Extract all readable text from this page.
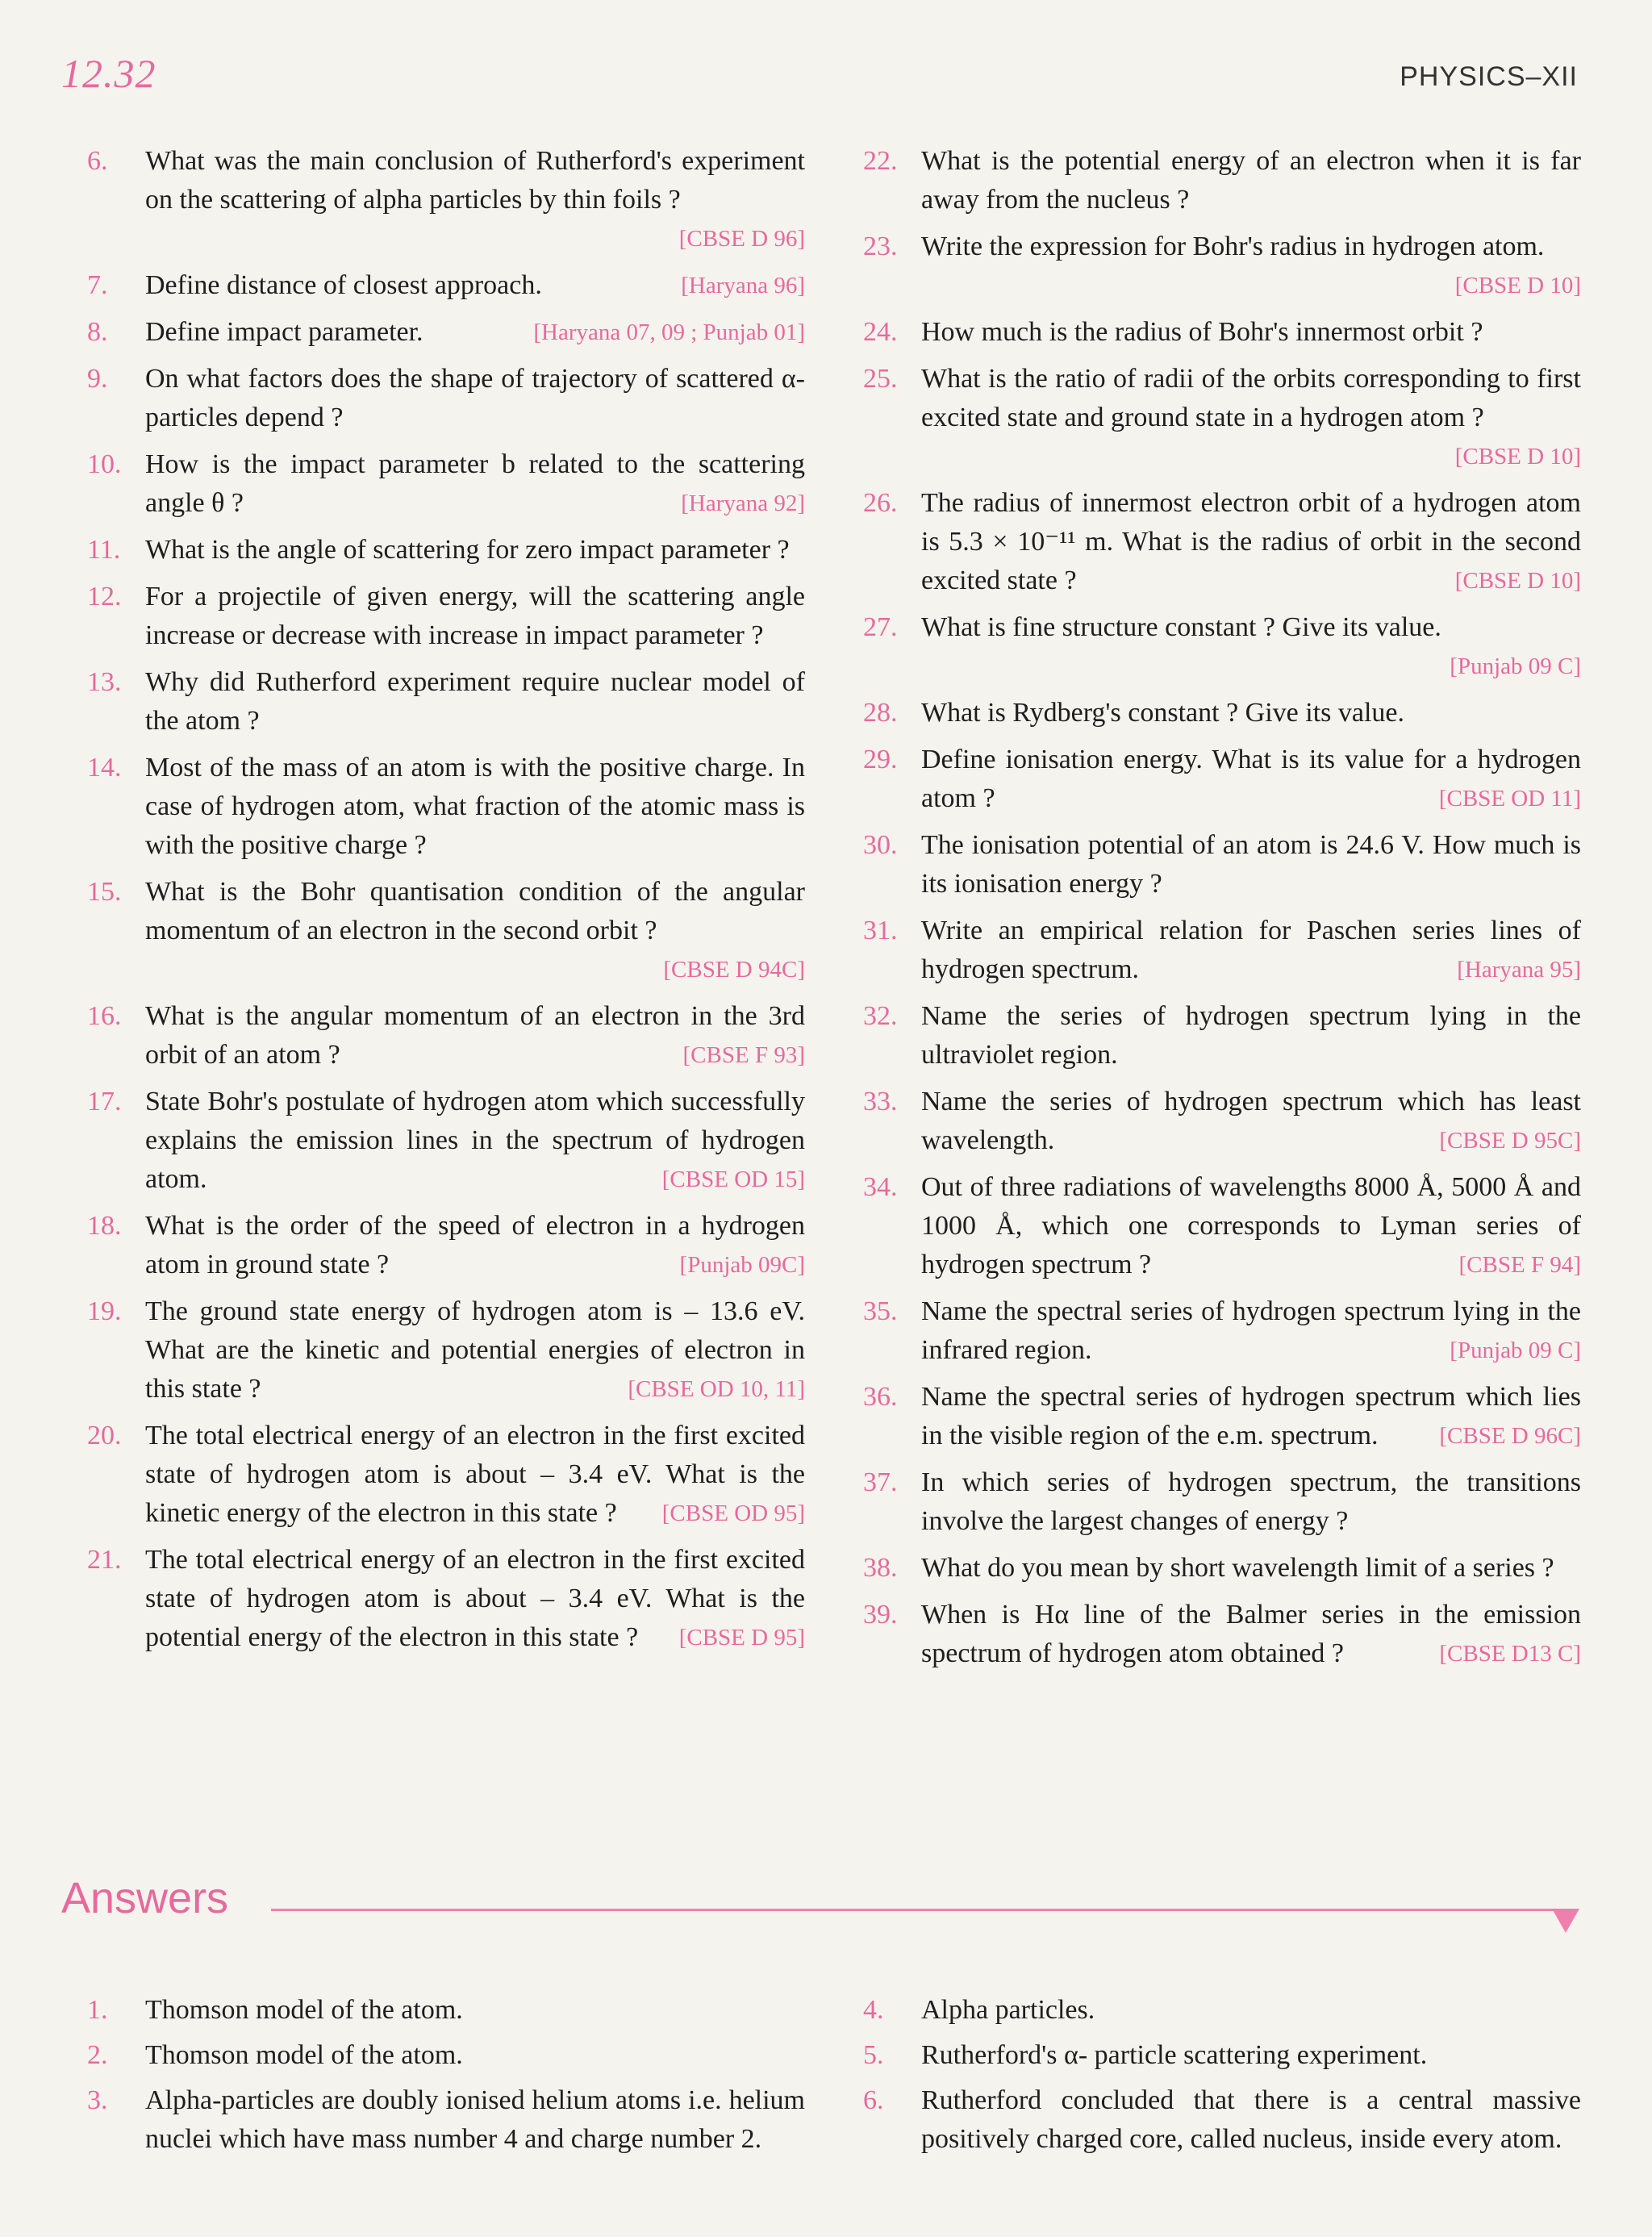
12.32	PHYSICS–XII
6.	What was the main conclusion of Rutherford's experiment on the scattering of alpha particles by thin foils ?
[CBSE D 96]
7.	Define distance of closest approach.	[Haryana 96]
8.	Define impact parameter.	[Haryana 07, 09 ; Punjab 01]
9.	On what factors does the shape of trajectory of scattered α-particles depend ?
10. How is the impact parameter b related to the scattering angle θ ?	[Haryana 92]
11. What is the angle of scattering for zero impact parameter ?
12. For a projectile of given energy, will the scattering angle increase or decrease with increase in impact parameter ?
13. Why did Rutherford experiment require nuclear model of the atom ?
14. Most of the mass of an atom is with the positive charge. In case of hydrogen atom, what fraction of the atomic mass is with the positive charge ?
15. What is the Bohr quantisation condition of the angular momentum of an electron in the second orbit ?
[CBSE D 94C]
16. What is the angular momentum of an electron in the 3rd orbit of an atom ?	[CBSE F 93]
17. State Bohr's postulate of hydrogen atom which successfully explains the emission lines in the spectrum of hydrogen atom.	[CBSE OD 15]
18. What is the order of the speed of electron in a hydrogen atom in ground state ?	[Punjab 09C]
19. The ground state energy of hydrogen atom is – 13.6 eV. What are the kinetic and potential energies of electron in this state ?	[CBSE OD 10, 11]
20. The total electrical energy of an electron in the first excited state of hydrogen atom is about – 3.4 eV. What is the kinetic energy of the electron in this state ? [CBSE OD 95]
21. The total electrical energy of an electron in the first excited state of hydrogen atom is about – 3.4 eV. What is the potential energy of the electron in this state ? [CBSE D 95]
22. What is the potential energy of an electron when it is far away from the nucleus ?
23. Write the expression for Bohr's radius in hydrogen atom.
[CBSE D 10]
24. How much is the radius of Bohr's innermost orbit ?
25. What is the ratio of radii of the orbits corresponding to first excited state and ground state in a hydrogen atom ?
[CBSE D 10]
26. The radius of innermost electron orbit of a hydrogen atom is 5.3 × 10⁻¹¹ m. What is the radius of orbit in the second excited state ?	[CBSE D 10]
27. What is fine structure constant ? Give its value.
[Punjab 09 C]
28. What is Rydberg's constant ? Give its value.
29. Define ionisation energy. What is its value for a hydrogen atom ?	[CBSE OD 11]
30. The ionisation potential of an atom is 24.6 V. How much is its ionisation energy ?
31. Write an empirical relation for Paschen series lines of hydrogen spectrum.	[Haryana 95]
32. Name the series of hydrogen spectrum lying in the ultraviolet region.
33. Name the series of hydrogen spectrum which has least wavelength.	[CBSE D 95C]
34. Out of three radiations of wavelengths 8000 Å, 5000 Å and 1000 Å, which one corresponds to Lyman series of hydrogen spectrum ?	[CBSE F 94]
35. Name the spectral series of hydrogen spectrum lying in the infrared region.	[Punjab 09 C]
36. Name the spectral series of hydrogen spectrum which lies in the visible region of the e.m. spectrum.	[CBSE D 96C]
37. In which series of hydrogen spectrum, the transitions involve the largest changes of energy ?
38. What do you mean by short wavelength limit of a series ?
39. When is Hα line of the Balmer series in the emission spectrum of hydrogen atom obtained ?	[CBSE D13 C]
Answers
1.	Thomson model of the atom.
2.	Thomson model of the atom.
3.	Alpha-particles are doubly ionised helium atoms i.e. helium nuclei which have mass number 4 and charge number 2.
4.	Alpha particles.
5.	Rutherford's α- particle scattering experiment.
6.	Rutherford concluded that there is a central massive positively charged core, called nucleus, inside every atom.
